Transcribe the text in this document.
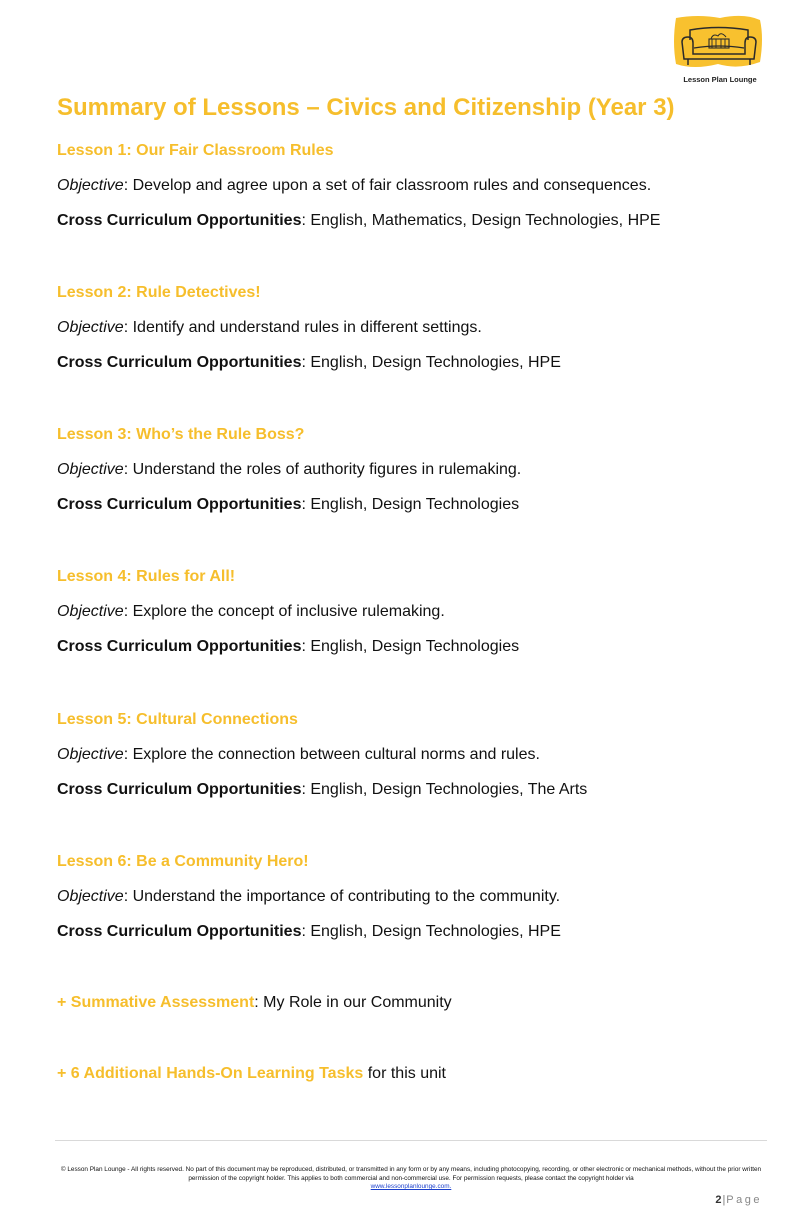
Lesson Plan Lounge
Summary of Lessons – Civics and Citizenship (Year 3)
Lesson 1: Our Fair Classroom Rules
Objective: Develop and agree upon a set of fair classroom rules and consequences.
Cross Curriculum Opportunities: English, Mathematics, Design Technologies, HPE
Lesson 2: Rule Detectives!
Objective: Identify and understand rules in different settings.
Cross Curriculum Opportunities: English, Design Technologies, HPE
Lesson 3: Who’s the Rule Boss?
Objective: Understand the roles of authority figures in rulemaking.
Cross Curriculum Opportunities: English, Design Technologies
Lesson 4: Rules for All!
Objective: Explore the concept of inclusive rulemaking.
Cross Curriculum Opportunities: English, Design Technologies
Lesson 5: Cultural Connections
Objective: Explore the connection between cultural norms and rules.
Cross Curriculum Opportunities: English, Design Technologies, The Arts
Lesson 6: Be a Community Hero!
Objective: Understand the importance of contributing to the community.
Cross Curriculum Opportunities: English, Design Technologies, HPE
+ Summative Assessment: My Role in our Community
+ 6 Additional Hands-On Learning Tasks for this unit
© Lesson Plan Lounge - All rights reserved. No part of this document may be reproduced, distributed, or transmitted in any form or by any means, including photocopying, recording, or other electronic or mechanical methods, without the prior written permission of the copyright holder. This applies to both commercial and non-commercial use. For permission requests, please contact the copyright holder via
www.lessonplanlounge.com.
2|Page
